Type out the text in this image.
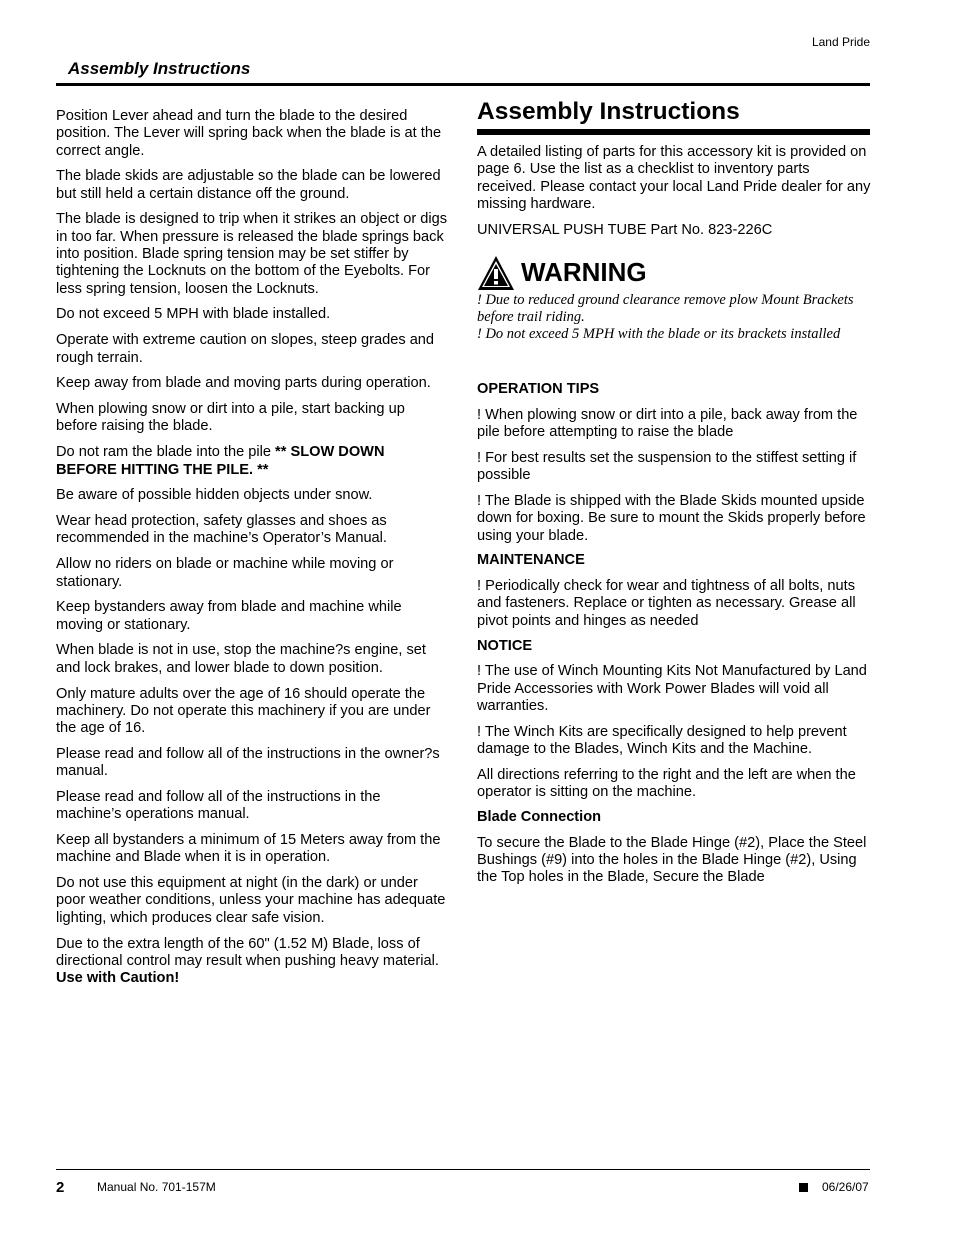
Land Pride
Assembly Instructions

Position Lever ahead and turn the blade to the desired position. The Lever will spring back when the blade is at the correct angle.

The blade skids are adjustable so the blade can be lowered but still held a certain distance off the ground.

The blade is designed to trip when it strikes an object or digs in too far. When pressure is released the blade springs back into position. Blade spring tension may be set stiffer by tightening the Locknuts on the bottom of the Eyebolts. For less spring tension, loosen the Locknuts.

Do not exceed 5 MPH with blade installed.

Operate with extreme caution on slopes, steep grades and rough terrain.

Keep away from blade and moving parts during operation.

When plowing snow or dirt into a pile, start backing up before raising the blade.

Do not ram the blade into the pile ** SLOW DOWN BEFORE HITTING THE PILE. **

Be aware of possible hidden objects under snow.

Wear head protection, safety glasses and shoes as recommended in the machine’s Operator’s Manual.

Allow no riders on blade or machine while moving or stationary.

Keep bystanders away from blade and machine while moving or stationary.

When blade is not in use, stop the machine?s engine, set and lock brakes, and lower blade to down position.

Only mature adults over the age of 16 should operate the machinery. Do not operate this machinery if you are under the age of 16.

Please read and follow all of the instructions in the owner?s manual.

Please read and follow all of the instructions in the machine’s operations manual.

Keep all bystanders a minimum of 15 Meters away from the machine and Blade when it is in operation.

Do not use this equipment at night (in the dark) or under poor weather conditions, unless your machine has adequate lighting, which produces clear safe vision.

Due to the extra length of the 60" (1.52 M) Blade, loss of directional control may result when pushing heavy material. Use with Caution!

Assembly Instructions

A detailed listing of parts for this accessory kit is provided on page 6. Use the list as a checklist to inventory parts received. Please contact your local Land Pride dealer for any missing hardware.

UNIVERSAL PUSH TUBE Part No. 823-226C

WARNING
! Due to reduced ground clearance remove plow Mount Brackets before trail riding.
! Do not exceed 5 MPH with the blade or its brackets installed

OPERATION TIPS

! When plowing snow or dirt into a pile, back away from the pile before attempting to raise the blade

! For best results set the suspension to the stiffest setting if possible

! The Blade is shipped with the Blade Skids mounted upside down for boxing. Be sure to mount the Skids properly before using your blade.

MAINTENANCE

! Periodically check for wear and tightness of all bolts, nuts and fasteners. Replace or tighten as necessary. Grease all pivot points and hinges as needed

NOTICE

! The use of Winch Mounting Kits Not Manufactured by Land Pride Accessories with Work Power Blades will void all warranties.

! The Winch Kits are specifically designed to help prevent damage to the Blades, Winch Kits and the Machine.

All directions referring to the right and the left are when the operator is sitting on the machine.

Blade Connection

To secure the Blade to the Blade Hinge (#2), Place the Steel Bushings (#9) into the holes in the Blade Hinge (#2), Using the Top holes in the Blade, Secure the Blade

2	Manual No. 701-157M	06/26/07
